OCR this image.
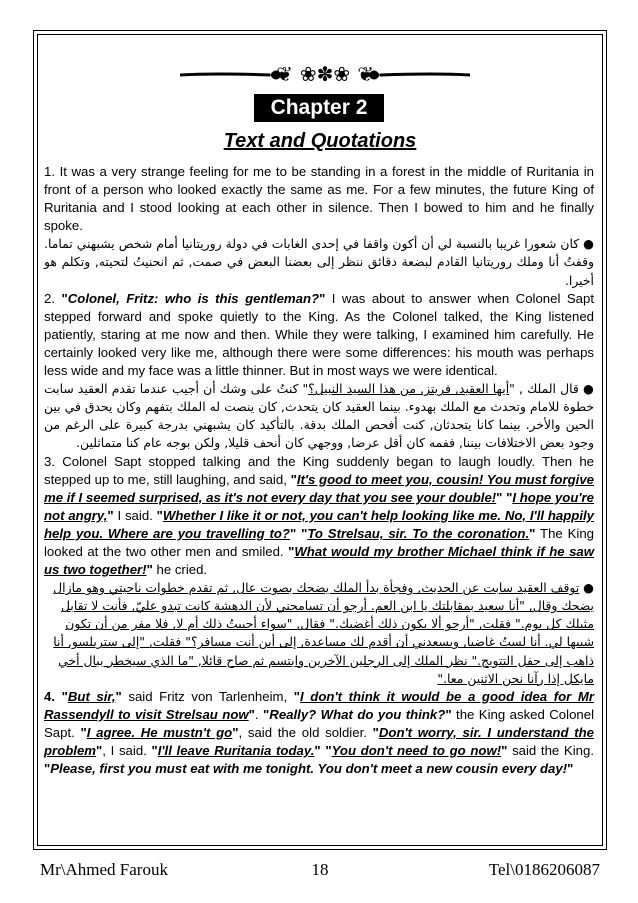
❦ ❀✽❀ ❦
Chapter 2
Text and Quotations

1. It was a very strange feeling for me to be standing in a forest in the middle of Ruritania in front of a person who looked exactly the same as me. For a few minutes, the future King of Ruritania and I stood looking at each other in silence. Then I bowed to him and he finally spoke.

● كان شعورا غريبا بالنسبة لي أن أكون واقفا في إحدى الغابات في دولة روريتانيا أمام شخص يشبهني تماما. وقفتُ أنا وملك روريتانيا القادم لبضعة دقائق ننظر إلى بعضنا البعض في صمت, ثم انحنيتُ لتحيته, وتكلم هو أخيرا.

2. "Colonel, Fritz: who is this gentleman?" I was about to answer when Colonel Sapt stepped forward and spoke quietly to the King. As the Colonel talked, the King listened patiently, staring at me now and then. While they were talking, I examined him carefully. He certainly looked very like me, although there were some differences: his mouth was perhaps less wide and my face was a little thinner. But in most ways we were identical.

● قال الملك , "أيها العقيد, فريتز, من هذا السيد النبيل؟" كنتُ على وشك أن أجيب عندما تقدم العقيد سابت خطوة للامام وتحدث مع الملك بهدوء. بينما العقيد كان يتحدث, كان ينصت له الملك بتفهم وكان يحدق في بين الحين والأخر. بينما كانا يتحدثان, كنت أفحص الملك بدقة. بالتأكيد كان يشبهني بدرجة كبيرة على الرغم من وجود بعض الاختلافات بيننا, ففمه كان أقل عرضا, ووجهي كان أنحف قليلا, ولكن بوجه عام كنا متماثلين.

3. Colonel Sapt stopped talking and the King suddenly began to laugh loudly. Then he stepped up to me, still laughing, and said, "It's good to meet you, cousin! You must forgive me if I seemed surprised, as it's not every day that you see your double!" "I hope you're not angry," I said. "Whether I like it or not, you can't help looking like me. No, I'll happily help you. Where are you travelling to?" "To Strelsau, sir. To the coronation." The King looked at the two other men and smiled. "What would my brother Michael think if he saw us two together!" he cried.

● توقف العقيد سابت عن الحديث, وفجأة بدأ الملك يضحك بصوت عال, ثم تقدم خطوات ناحيتي وهو مازال يضحك وقال, "أنا سعيد بمقابلتك يا ابن العم. أرجو أن تسامحني لأن الدهشة كانت تبدو عليّ, فأنت لا تقابل مثيلك كل يوم." فقلت, "أرجو ألا يكون ذلك أغضبك." فقال, "سواء أحببتُ ذلك أم لا, فلا مفر من أن تكون شبيها لي. أنا لستُ غاضبا, ويسعدني أن أقدم لك مساعدة, إلى أين أنت مسافر؟" فقلت, "إلى ستريلسو, أنا ذاهب إلى حفل التتويج." نظر الملك إلى الرجلين الآخرين وابتسم ثم صاح قائلا, "ما الذي سيخطر ببال أخي مايكل إذا رآنا نحن الاثنين معا."

4. "But sir," said Fritz von Tarlenheim, "I don't think it would be a good idea for Mr Rassendyll to visit Strelsau now". "Really? What do you think?" the King asked Colonel Sapt. "I agree. He mustn't go", said the old soldier. "Don't worry, sir. I understand the problem", I said. "I'll leave Ruritania today." "You don't need to go now!" said the King. "Please, first you must eat with me tonight. You don't meet a new cousin every day!"

Mr\Ahmed Farouk	18	Tel\0186206087
